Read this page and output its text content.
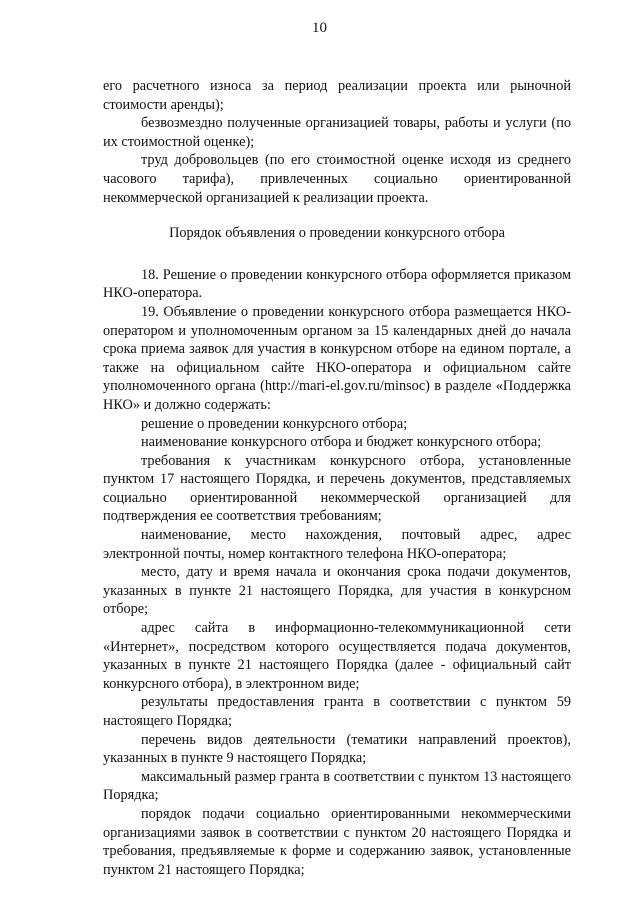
10

его расчетного износа за период реализации проекта или рыночной стоимости аренды);

безвозмездно полученные организацией товары, работы и услуги (по их стоимостной оценке);

труд добровольцев (по его стоимостной оценке исходя из среднего часового тарифа), привлеченных социально ориентированной некоммерческой организацией к реализации проекта.

Порядок объявления о проведении конкурсного отбора

18. Решение о проведении конкурсного отбора оформляется приказом НКО-оператора.

19. Объявление о проведении конкурсного отбора размещается НКО-оператором и уполномоченным органом за 15 календарных дней до начала срока приема заявок для участия в конкурсном отборе на едином портале, а также на официальном сайте НКО-оператора и официальном сайте уполномоченного органа (http://mari-el.gov.ru/minsoc) в разделе «Поддержка НКО» и должно содержать:

решение о проведении конкурсного отбора;

наименование конкурсного отбора и бюджет конкурсного отбора;

требования к участникам конкурсного отбора, установленные пунктом 17 настоящего Порядка, и перечень документов, представляемых социально ориентированной некоммерческой организацией для подтверждения ее соответствия требованиям;

наименование, место нахождения, почтовый адрес, адрес электронной почты, номер контактного телефона НКО-оператора;

место, дату и время начала и окончания срока подачи документов, указанных в пункте 21 настоящего Порядка, для участия в конкурсном отборе;

адрес сайта в информационно-телекоммуникационной сети «Интернет», посредством которого осуществляется подача документов, указанных в пункте 21 настоящего Порядка (далее - официальный сайт конкурсного отбора), в электронном виде;

результаты предоставления гранта в соответствии с пунктом 59 настоящего Порядка;

перечень видов деятельности (тематики направлений проектов), указанных в пункте 9 настоящего Порядка;

максимальный размер гранта в соответствии с пунктом 13 настоящего Порядка;

порядок подачи социально ориентированными некоммерческими организациями заявок в соответствии с пунктом 20 настоящего Порядка и требования, предъявляемые к форме и содержанию заявок, установленные пунктом 21 настоящего Порядка;
